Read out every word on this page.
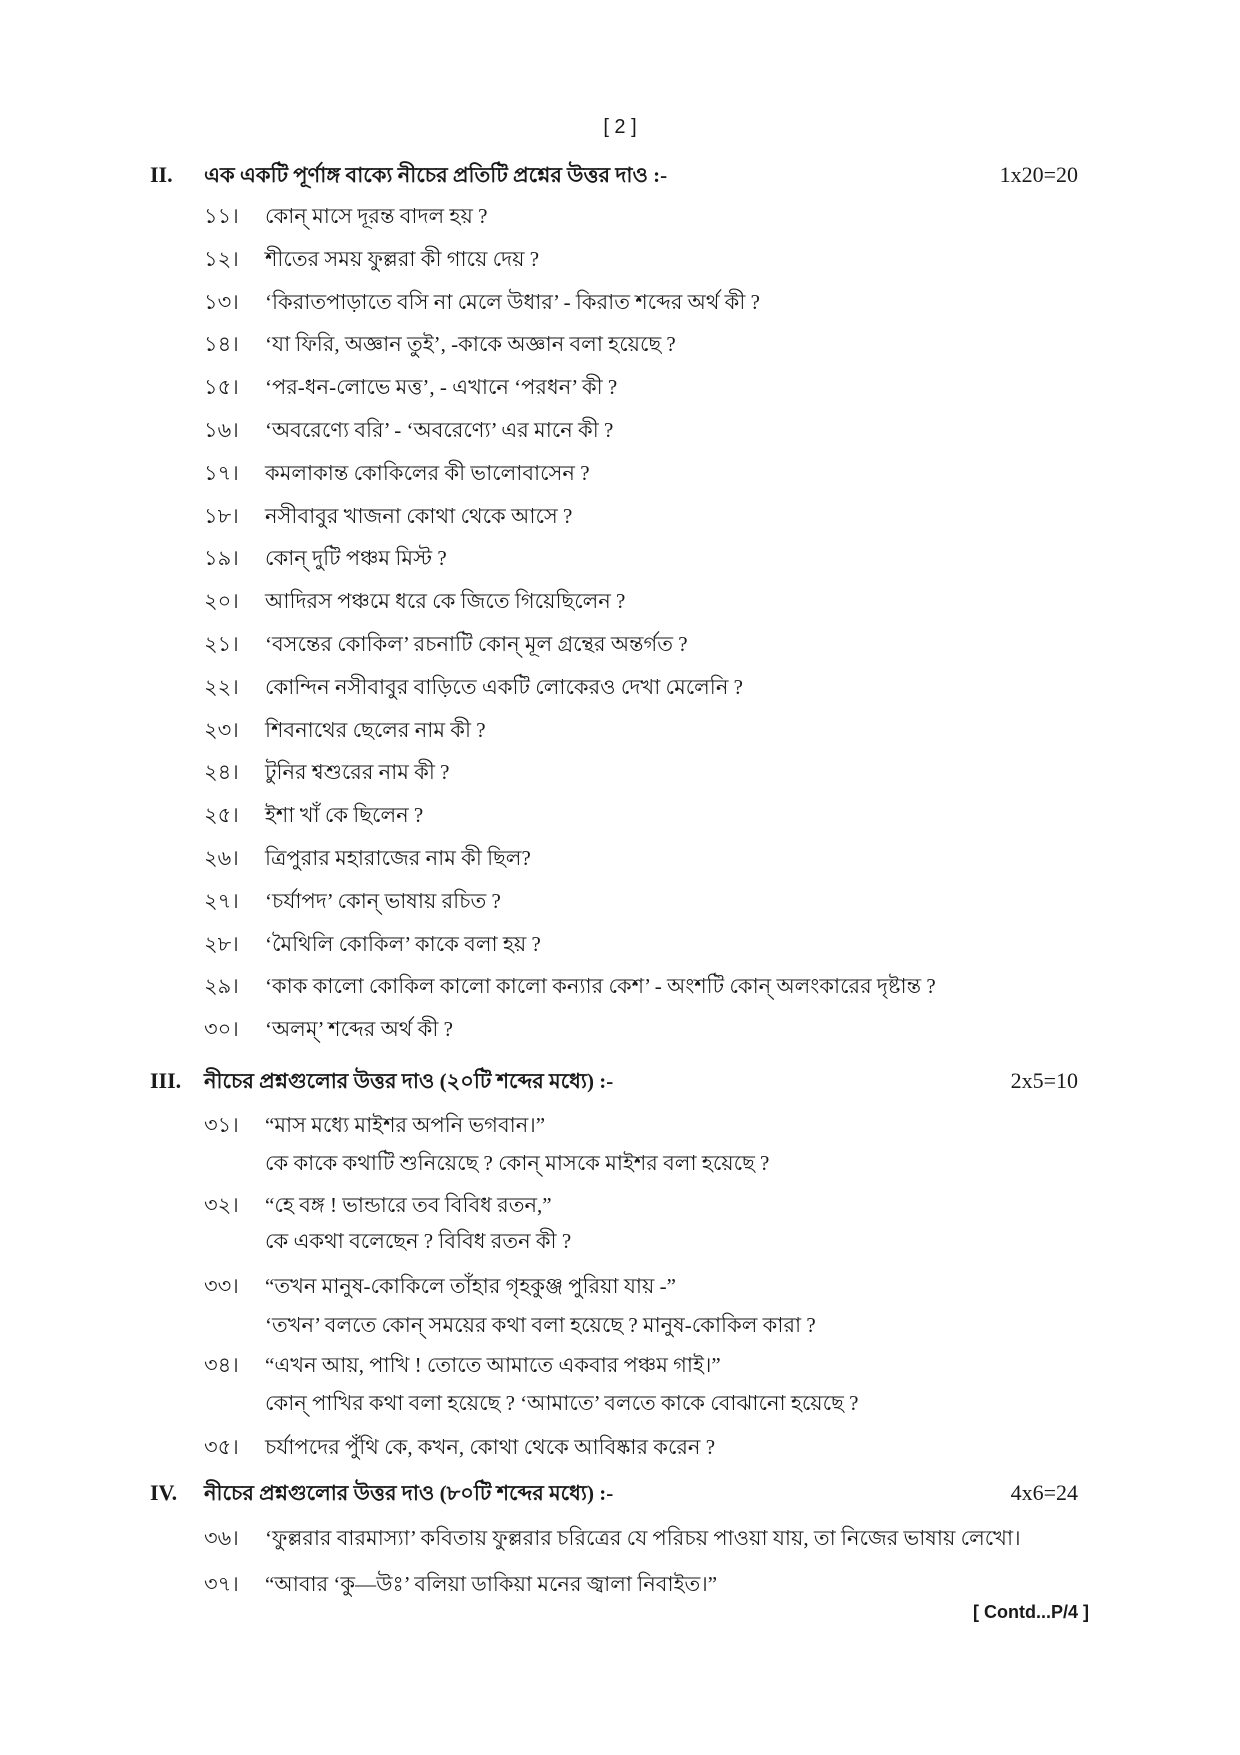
[ 2 ]
II. এক একটি পূর্ণাঙ্গ বাক্যে নীচের প্রতিটি প্রশ্নের উত্তর দাও :-	1x20=20
১১। কোন্ মাসে দূরন্ত বাদল হয় ?
১২। শীতের সময় ফুল্লরা কী গায়ে দেয় ?
১৩। ‘কিরাতপাড়াতে বসি না মেলে উধার’ - কিরাত শব্দের অর্থ কী ?
১৪। ‘যা ফিরি, অজ্ঞান তুই’, -কাকে অজ্ঞান বলা হয়েছে ?
১৫। ‘পর-ধন-লোভে মত্ত’, - এখানে ‘পরধন’ কী ?
১৬। ‘অবরেণ্যে বরি’ - ‘অবরেণ্যে’ এর মানে কী ?
১৭। কমলাকান্ত কোকিলের কী ভালোবাসেন ?
১৮। নসীবাবুর খাজনা কোথা থেকে আসে ?
১৯। কোন্ দুটি পঞ্চম মিস্ট ?
২০। আদিরস পঞ্চমে ধরে কে জিতে গিয়েছিলেন ?
২১। ‘বসন্তের কোকিল’ রচনাটি কোন্ মূল গ্রন্থের অন্তর্গত ?
২২। কোন্দিন নসীবাবুর বাড়িতে একটি লোকেরও দেখা মেলেনি ?
২৩। শিবনাথের ছেলের নাম কী ?
২৪। টুনির শ্বশুরের নাম কী ?
২৫। ইশা খাঁ কে ছিলেন ?
২৬। ত্রিপুরার মহারাজের নাম কী ছিল?
২৭। ‘চর্যাপদ’ কোন্ ভাষায় রচিত ?
২৮। ‘মৈথিলি কোকিল’ কাকে বলা হয় ?
২৯। ‘কাক কালো কোকিল কালো কালো কন্যার কেশ’ - অংশটি কোন্ অলংকারের দৃষ্টান্ত ?
৩০। ‘অলম্’ শব্দের অর্থ কী ?
III. নীচের প্রশ্নগুলোর উত্তর দাও (২০টি শব্দের মধ্যে) :-	2x5=10
৩১। “মাস মধ্যে মাইশর অপনি ভগবান।”
কে কাকে কথাটি শুনিয়েছে ? কোন্ মাসকে মাইশর বলা হয়েছে ?
৩২। “হে বঙ্গ ! ভান্ডারে তব বিবিধ রতন,”
কে একথা বলেছেন ? বিবিধ রতন কী ?
৩৩। “তখন মানুষ-কোকিলে তাঁহার গৃহকুঞ্জ পুরিয়া যায় -”
‘তখন’ বলতে কোন্ সময়ের কথা বলা হয়েছে ? মানুষ-কোকিল কারা ?
৩৪। “এখন আয়, পাখি ! তোতে আমাতে একবার পঞ্চম গাই।”
কোন্ পাখির কথা বলা হয়েছে ? ‘আমাতে’ বলতে কাকে বোঝানো হয়েছে ?
৩৫। চর্যাপদের পুঁথি কে, কখন, কোথা থেকে আবিষ্কার করেন ?
IV. নীচের প্রশ্নগুলোর উত্তর দাও (৮০টি শব্দের মধ্যে) :-	4x6=24
৩৬। ‘ফুল্লরার বারমাস্যা’ কবিতায় ফুল্লরার চরিত্রের যে পরিচয় পাওয়া যায়, তা নিজের ভাষায় লেখো।
৩৭। “আবার ‘কু—উঃ’ বলিয়া ডাকিয়া মনের জ্বালা নিবাইত।”
[ Contd...P/4 ]
